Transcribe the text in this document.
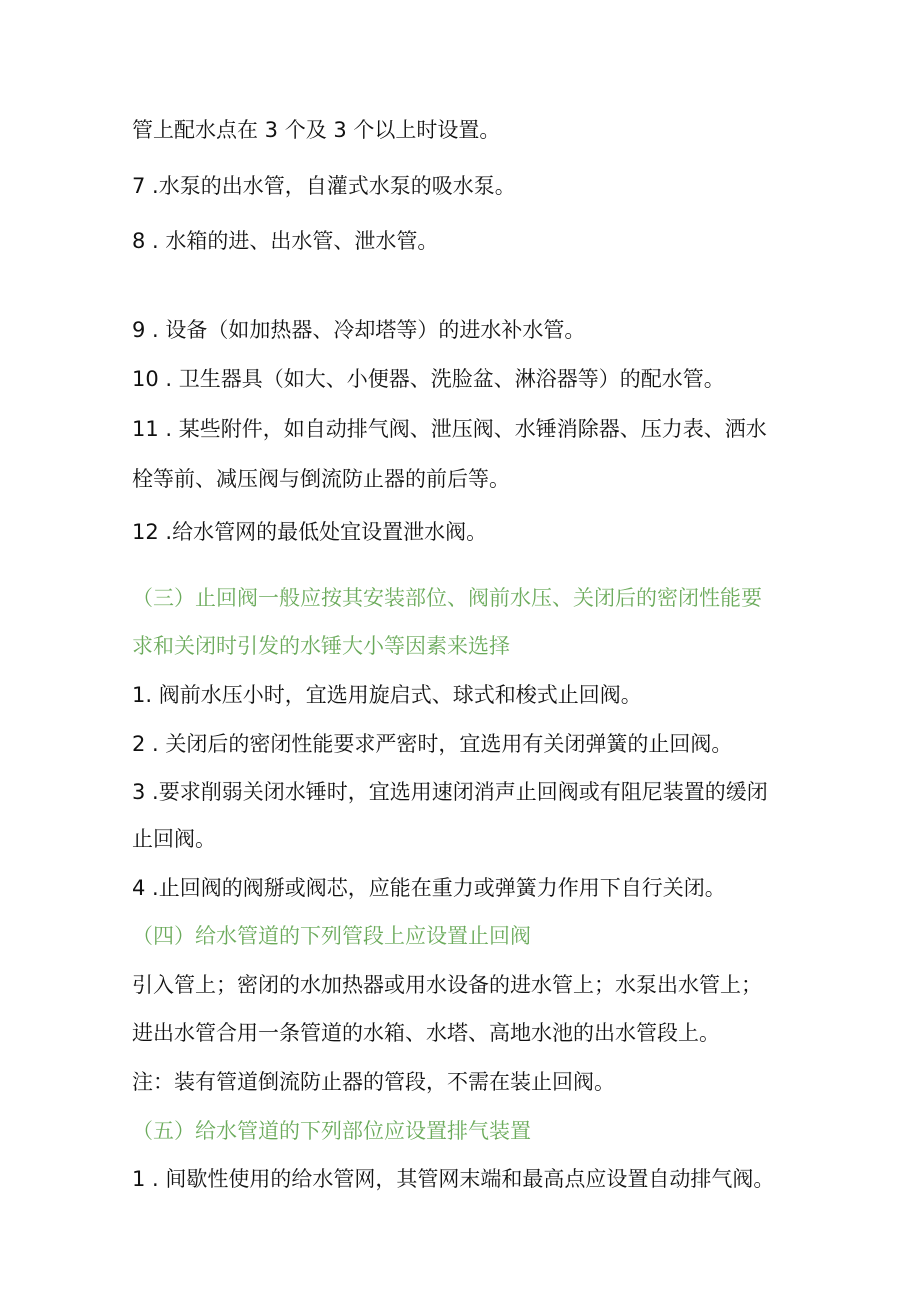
管上配水点在 3 个及 3 个以上时设置。
7 .水泵的出水管，自灌式水泵的吸水泵。
8 . 水箱的进、出水管、泄水管。
9 . 设备（如加热器、冷却塔等）的进水补水管。
10 . 卫生器具（如大、小便器、洗脸盆、淋浴器等）的配水管。
11 . 某些附件，如自动排气阀、泄压阀、水锤消除器、压力表、洒水
栓等前、减压阀与倒流防止器的前后等。
12 .给水管网的最低处宜设置泄水阀。
（三）止回阀一般应按其安装部位、阀前水压、关闭后的密闭性能要
求和关闭时引发的水锤大小等因素来选择
1. 阀前水压小时，宜选用旋启式、球式和梭式止回阀。
2 . 关闭后的密闭性能要求严密时，宜选用有关闭弹簧的止回阀。
3 .要求削弱关闭水锤时，宜选用速闭消声止回阀或有阻尼装置的缓闭
止回阀。
4 .止回阀的阀掰或阀芯，应能在重力或弹簧力作用下自行关闭。
（四）给水管道的下列管段上应设置止回阀
引入管上；密闭的水加热器或用水设备的进水管上；水泵出水管上；
进出水管合用一条管道的水箱、水塔、高地水池的出水管段上。
注：装有管道倒流防止器的管段，不需在装止回阀。
（五）给水管道的下列部位应设置排气装置
1 . 间歇性使用的给水管网，其管网末端和最高点应设置自动排气阀。
